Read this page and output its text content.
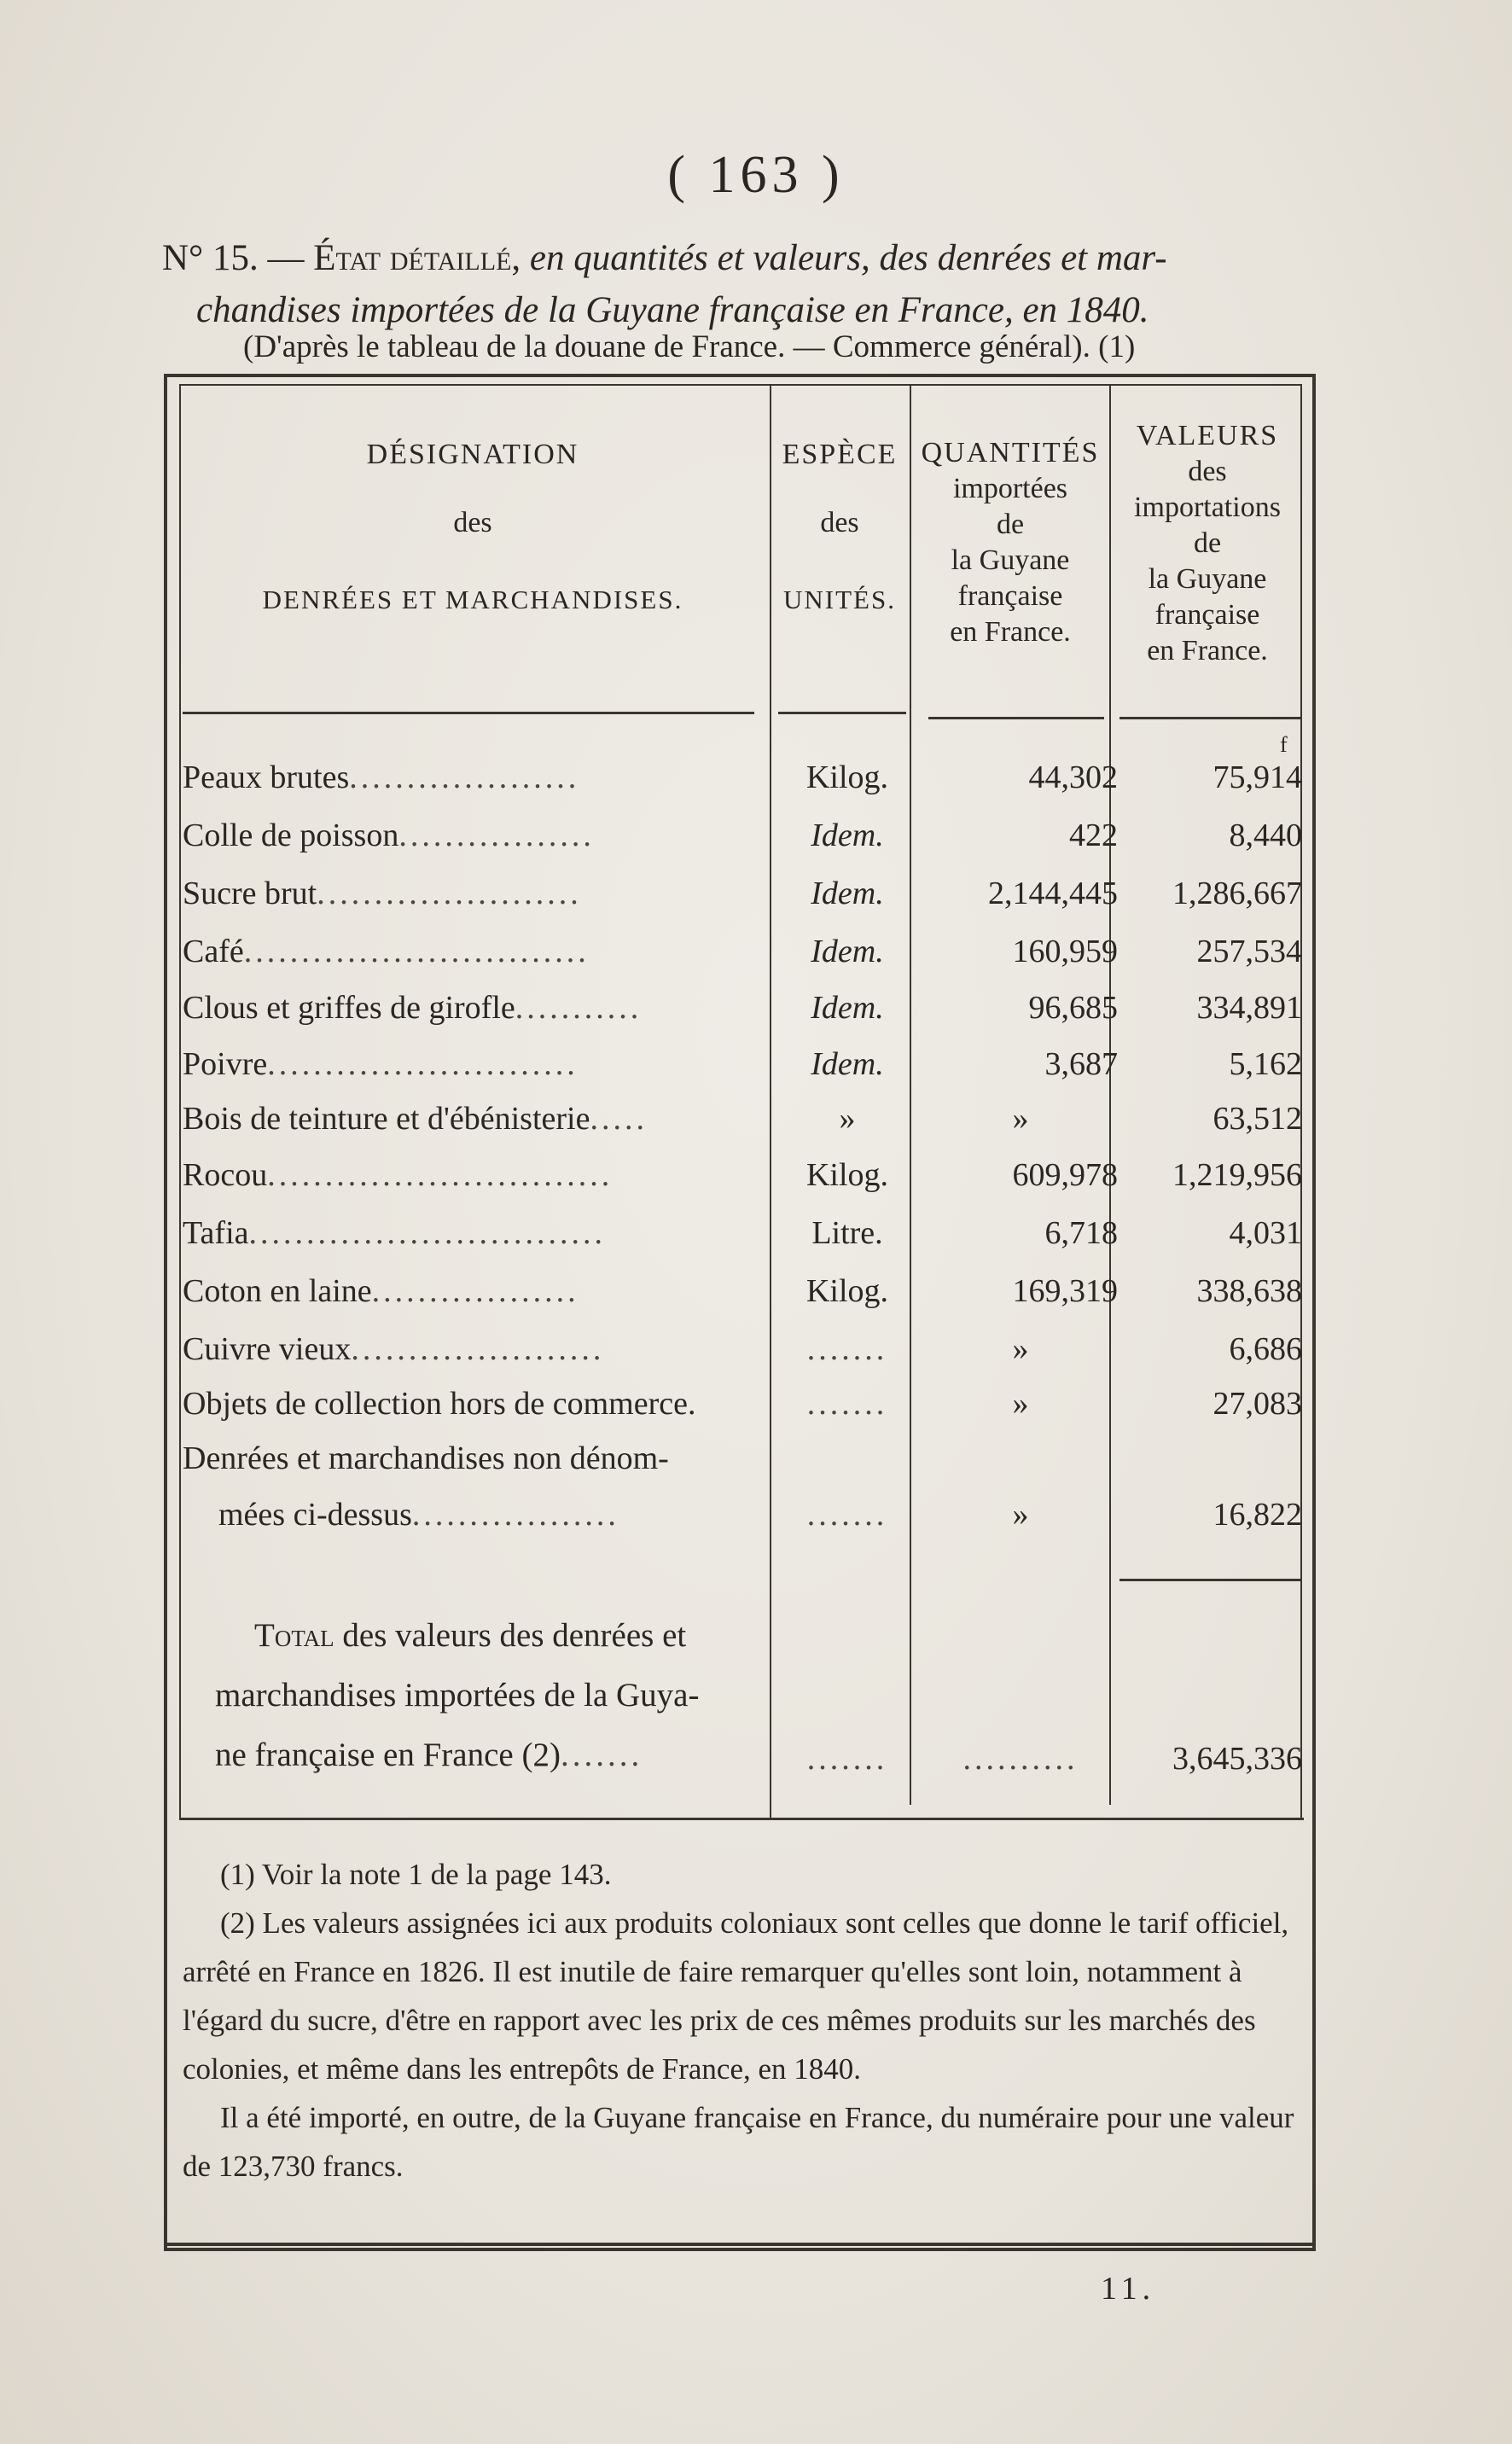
( 163 )
N° 15. — État détaillé, en quantités et valeurs, des denrées et mar-
chandises importées de la Guyane française en France, en 1840.
(D'après le tableau de la douane de France. — Commerce général). (1)
DÉSIGNATION
des
DENRÉES ET MARCHANDISES.
ESPÈCE
des
UNITÉS.
QUANTITÉS
importées
de
la Guyane
française
en France.
VALEURS
des
importations
de
la Guyane
française
en France.
f
Peaux brutes....................	Kilog.	44,302	75,914
Colle de poisson.................	Idem.	422	8,440
Sucre brut.......................	Idem.	2,144,445	1,286,667
Café..............................	Idem.	160,959	257,534
Clous et griffes de girofle...........	Idem.	96,685	334,891
Poivre...........................	Idem.	3,687	5,162
Bois de teinture et d'ébénisterie.....	»	»	63,512
Rocou..............................	Kilog.	609,978	1,219,956
Tafia...............................	Litre.	6,718	4,031
Coton en laine..................	Kilog.	169,319	338,638
Cuivre vieux......................	.......	»	6,686
Objets de collection hors de commerce.	.......	»	27,083
Denrées et marchandises non dénom-
mées ci-dessus..................	.......	»	16,822
Total des valeurs des denrées et
marchandises importées de la Guya-
ne française en France (2).......	.......	..........	3,645,336

(1) Voir la note 1 de la page 143.

(2) Les valeurs assignées ici aux produits coloniaux sont celles que donne le tarif officiel, arrêté en France en 1826. Il est inutile de faire remarquer qu'elles sont loin, notamment à l'égard du sucre, d'être en rapport avec les prix de ces mêmes produits sur les marchés des colonies, et même dans les entrepôts de France, en 1840.

Il a été importé, en outre, de la Guyane française en France, du numéraire pour une valeur de 123,730 francs.

11.
